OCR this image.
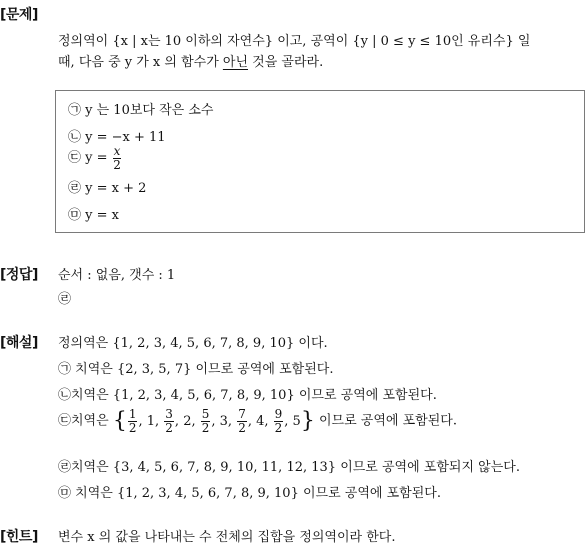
[문제]
정의역이 {x | x는 10 이하의 자연수} 이고, 공역이 {y | 0 ≤ y ≤ 10인 유리수} 일
때, 다음 중 y 가 x 의 함수가 아닌 것을 골라라.
㉠ y 는 10보다 작은 소수
㉡ y = −x + 11
㉢ $y = \frac{x}{2}$
㉣ y = x + 2
㉤ y = x
[정답] 순서 : 없음, 갯수 : 1
㉣
[해설] 정의역은 {1, 2, 3, 4, 5, 6, 7, 8, 9, 10} 이다.
㉠ 치역은 {2, 3, 5, 7} 이므로 공역에 포함된다.
㉡치역은 {1, 2, 3, 4, 5, 6, 7, 8, 9, 10} 이므로 공역에 포함된다.
㉢치역은 { $\frac{1}{2}$ , 1, $\frac{3}{2}$ , 2, $\frac{5}{2}$ , 3, $\frac{7}{2}$ , 4, $\frac{9}{2}$ , 5} 이므로 공역에 포함된다.
㉣치역은 {3, 4, 5, 6, 7, 8, 9, 10, 11, 12, 13} 이므로 공역에 포함되지 않는다.
㉤ 치역은 {1, 2, 3, 4, 5, 6, 7, 8, 9, 10} 이므로 공역에 포함된다.
[힌트] 변수 x 의 값을 나타내는 수 전체의 집합을 정의역이라 한다.
